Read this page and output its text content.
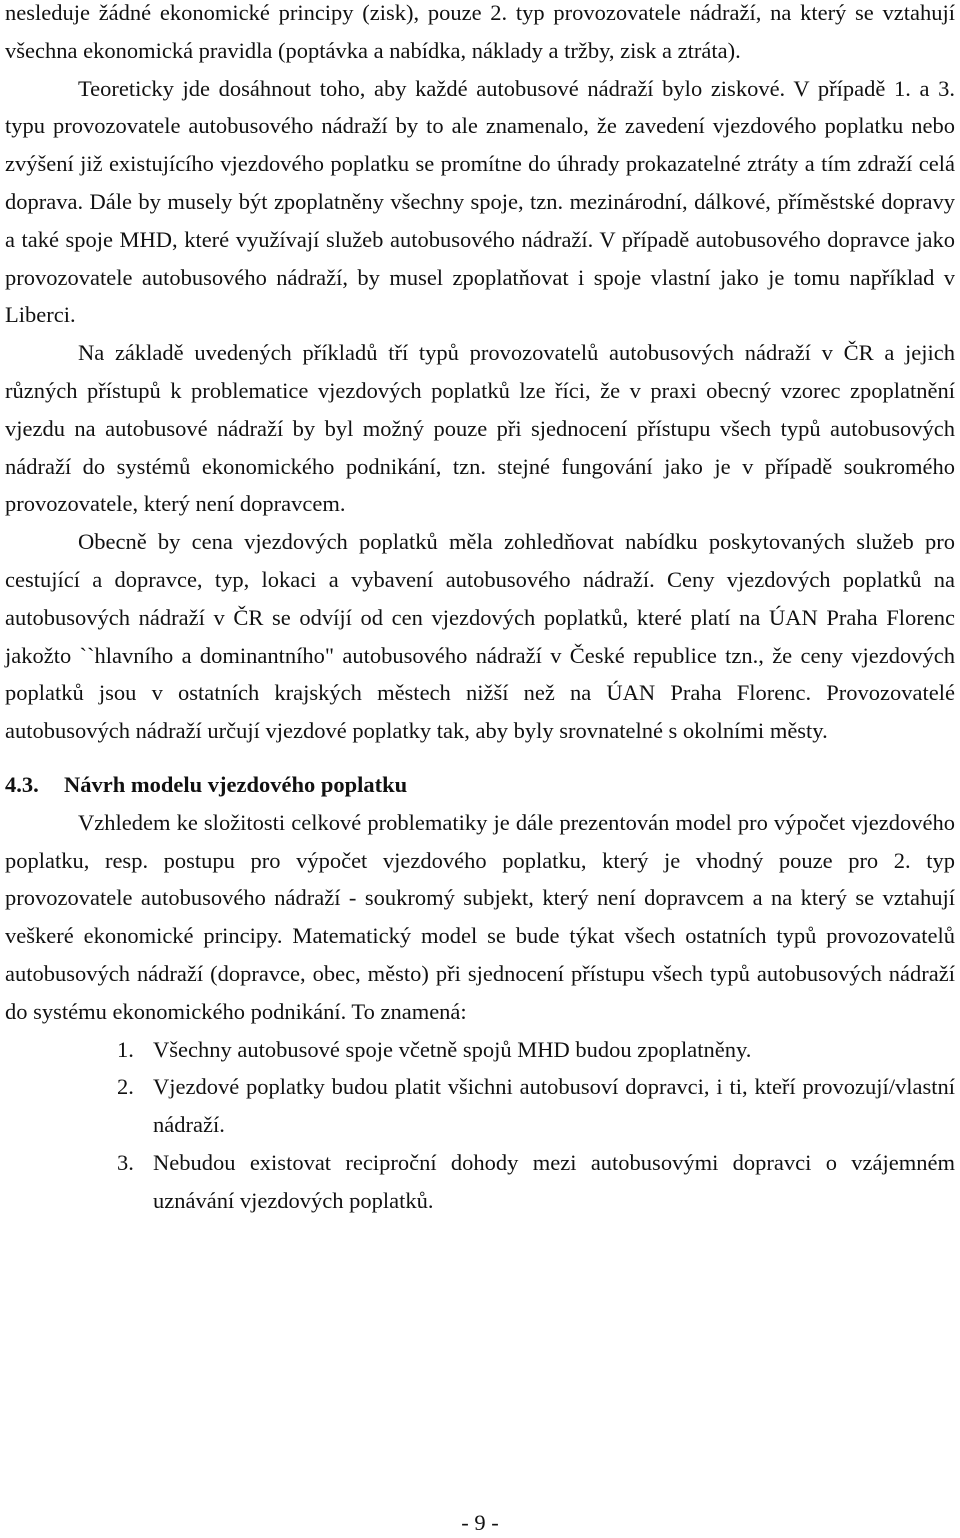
nesleduje žádné ekonomické principy (zisk), pouze 2. typ provozovatele nádraží, na který se vztahují všechna ekonomická pravidla (poptávka a nabídka, náklady a tržby, zisk a ztráta).

Teoreticky jde dosáhnout toho, aby každé autobusové nádraží bylo ziskové. V případě 1. a 3. typu provozovatele autobusového nádraží by to ale znamenalo, že zavedení vjezdového poplatku nebo zvýšení již existujícího vjezdového poplatku se promítne do úhrady prokazatelné ztráty a tím zdraží celá doprava. Dále by musely být zpoplatněny všechny spoje, tzn. mezinárodní, dálkové, příměstské dopravy a také spoje MHD, které využívají služeb autobusového nádraží. V případě autobusového dopravce jako provozovatele autobusového nádraží, by musel zpoplatňovat i spoje vlastní jako je tomu například v Liberci.

Na základě uvedených příkladů tří typů provozovatelů autobusových nádraží v ČR a jejich různých přístupů k problematice vjezdových poplatků lze říci, že v praxi obecný vzorec zpoplatnění vjezdu na autobusové nádraží by byl možný pouze při sjednocení přístupu všech typů autobusových nádraží do systémů ekonomického podnikání, tzn. stejné fungování jako je v případě soukromého provozovatele, který není dopravcem.

Obecně by cena vjezdových poplatků měla zohledňovat nabídku poskytovaných služeb pro cestující a dopravce, typ, lokaci a vybavení autobusového nádraží. Ceny vjezdových poplatků na autobusových nádraží v ČR se odvíjí od cen vjezdových poplatků, které platí na ÚAN Praha Florenc jakožto ``hlavního a dominantního" autobusového nádraží v České republice tzn., že ceny vjezdových poplatků jsou v ostatních krajských městech nižší než na ÚAN Praha Florenc. Provozovatelé autobusových nádraží určují vjezdové poplatky tak, aby byly srovnatelné s okolními městy.

4.3. Návrh modelu vjezdového poplatku

Vzhledem ke složitosti celkové problematiky je dále prezentován model pro výpočet vjezdového poplatku, resp. postupu pro výpočet vjezdového poplatku, který je vhodný pouze pro 2. typ provozovatele autobusového nádraží - soukromý subjekt, který není dopravcem a na který se vztahují veškeré ekonomické principy. Matematický model se bude týkat všech ostatních typů provozovatelů autobusových nádraží (dopravce, obec, město) při sjednocení přístupu všech typů autobusových nádraží do systému ekonomického podnikání. To znamená:

1. Všechny autobusové spoje včetně spojů MHD budou zpoplatněny.
2. Vjezdové poplatky budou platit všichni autobusoví dopravci, i ti, kteří provozují/vlastní nádraží.
3. Nebudou existovat reciproční dohody mezi autobusovými dopravci o vzájemném uznávání vjezdových poplatků.
- 9 -
